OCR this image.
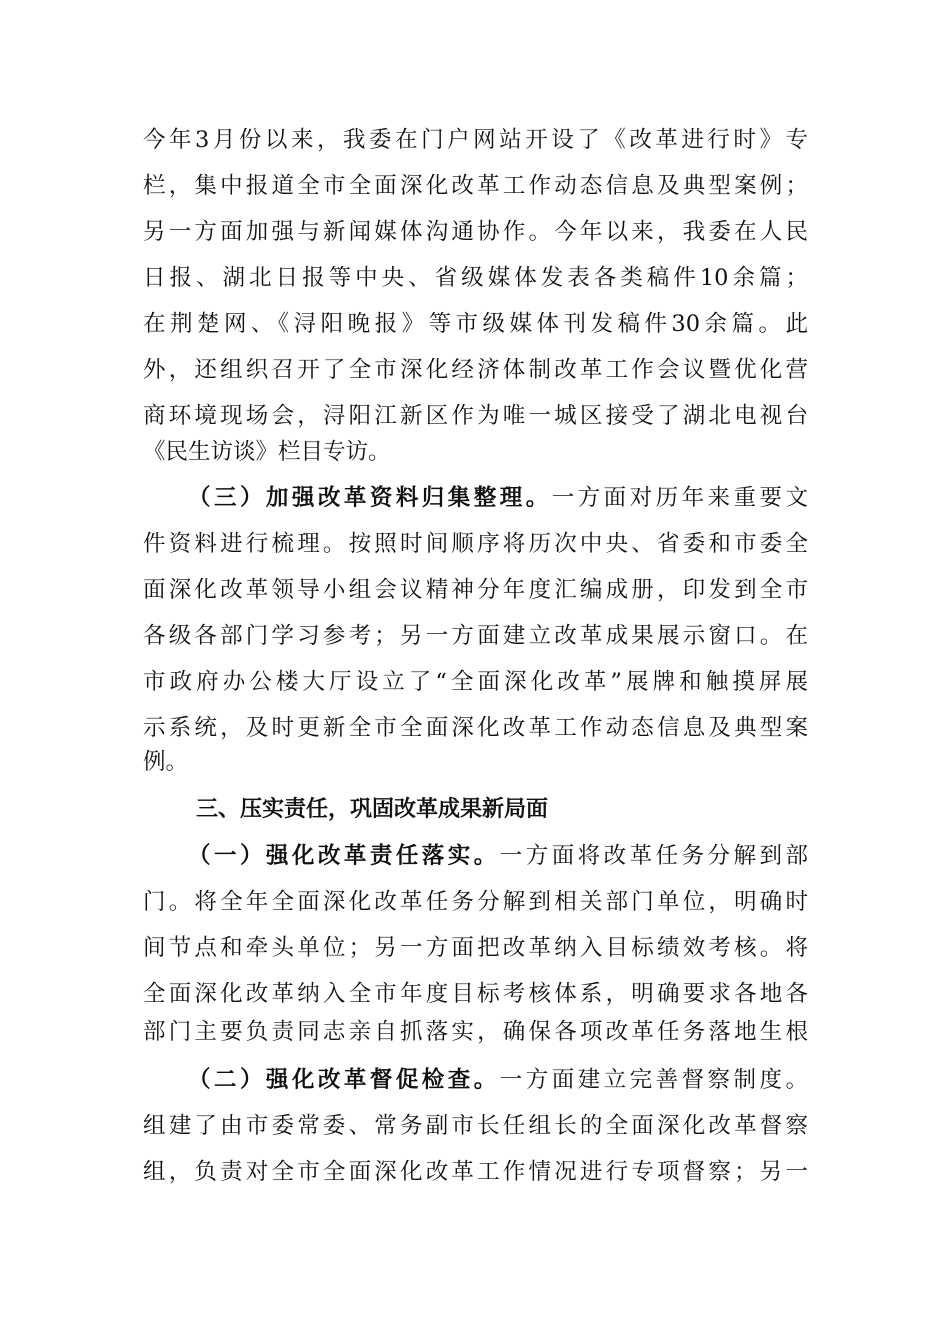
今年3月份以来，我委在门户网站开设了《改革进行时》专
栏，集中报道全市全面深化改革工作动态信息及典型案例；
另一方面加强与新闻媒体沟通协作。今年以来，我委在人民
日报、湖北日报等中央、省级媒体发表各类稿件10余篇；
在荆楚网、《浔阳晚报》等市级媒体刊发稿件30余篇。此
外，还组织召开了全市深化经济体制改革工作会议暨优化营
商环境现场会，浔阳江新区作为唯一城区接受了湖北电视台
《民生访谈》栏目专访。
（三）加强改革资料归集整理。一方面对历年来重要文
件资料进行梳理。按照时间顺序将历次中央、省委和市委全
面深化改革领导小组会议精神分年度汇编成册，印发到全市
各级各部门学习参考；另一方面建立改革成果展示窗口。在
市政府办公楼大厅设立了“全面深化改革”展牌和触摸屏展
示系统，及时更新全市全面深化改革工作动态信息及典型案
例。
三、压实责任，巩固改革成果新局面
（一）强化改革责任落实。一方面将改革任务分解到部
门。将全年全面深化改革任务分解到相关部门单位，明确时
间节点和牵头单位；另一方面把改革纳入目标绩效考核。将
全面深化改革纳入全市年度目标考核体系，明确要求各地各
部门主要负责同志亲自抓落实，确保各项改革任务落地生根
（二）强化改革督促检查。一方面建立完善督察制度。
组建了由市委常委、常务副市长任组长的全面深化改革督察
组，负责对全市全面深化改革工作情况进行专项督察；另一
